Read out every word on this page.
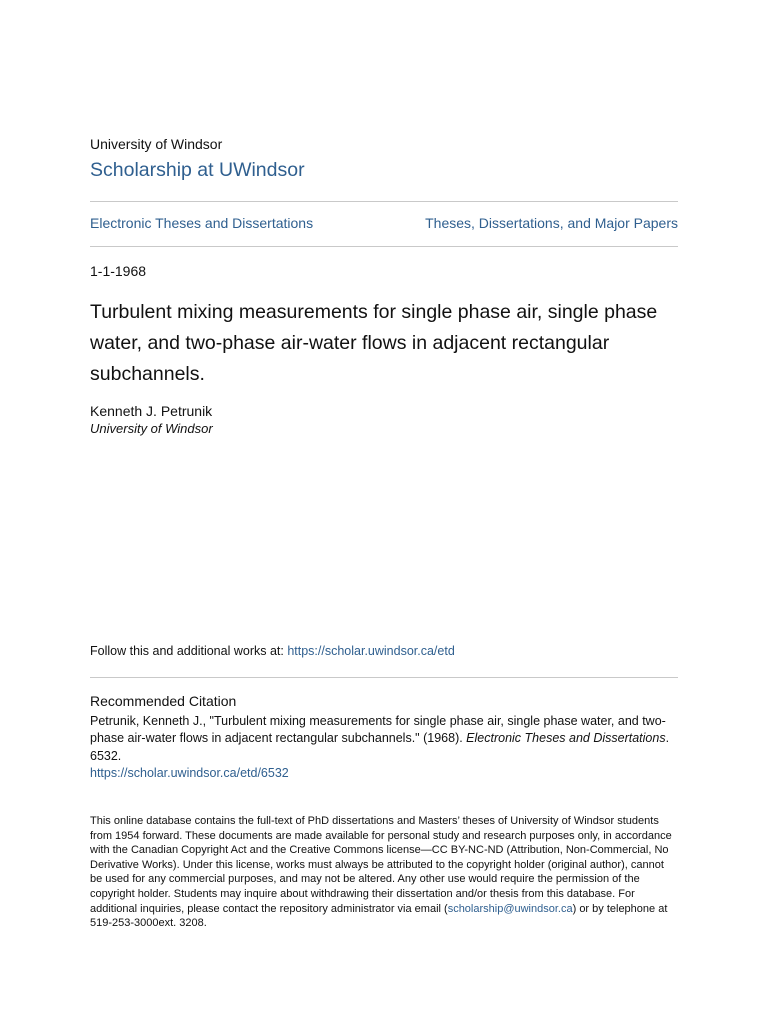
University of Windsor
Scholarship at UWindsor
Electronic Theses and Dissertations	Theses, Dissertations, and Major Papers
1-1-1968
Turbulent mixing measurements for single phase air, single phase water, and two-phase air-water flows in adjacent rectangular subchannels.
Kenneth J. Petrunik
University of Windsor
Follow this and additional works at: https://scholar.uwindsor.ca/etd
Recommended Citation
Petrunik, Kenneth J., "Turbulent mixing measurements for single phase air, single phase water, and two-phase air-water flows in adjacent rectangular subchannels." (1968). Electronic Theses and Dissertations. 6532.
https://scholar.uwindsor.ca/etd/6532
This online database contains the full-text of PhD dissertations and Masters’ theses of University of Windsor students from 1954 forward. These documents are made available for personal study and research purposes only, in accordance with the Canadian Copyright Act and the Creative Commons license—CC BY-NC-ND (Attribution, Non-Commercial, No Derivative Works). Under this license, works must always be attributed to the copyright holder (original author), cannot be used for any commercial purposes, and may not be altered. Any other use would require the permission of the copyright holder. Students may inquire about withdrawing their dissertation and/or thesis from this database. For additional inquiries, please contact the repository administrator via email (scholarship@uwindsor.ca) or by telephone at 519-253-3000ext. 3208.
